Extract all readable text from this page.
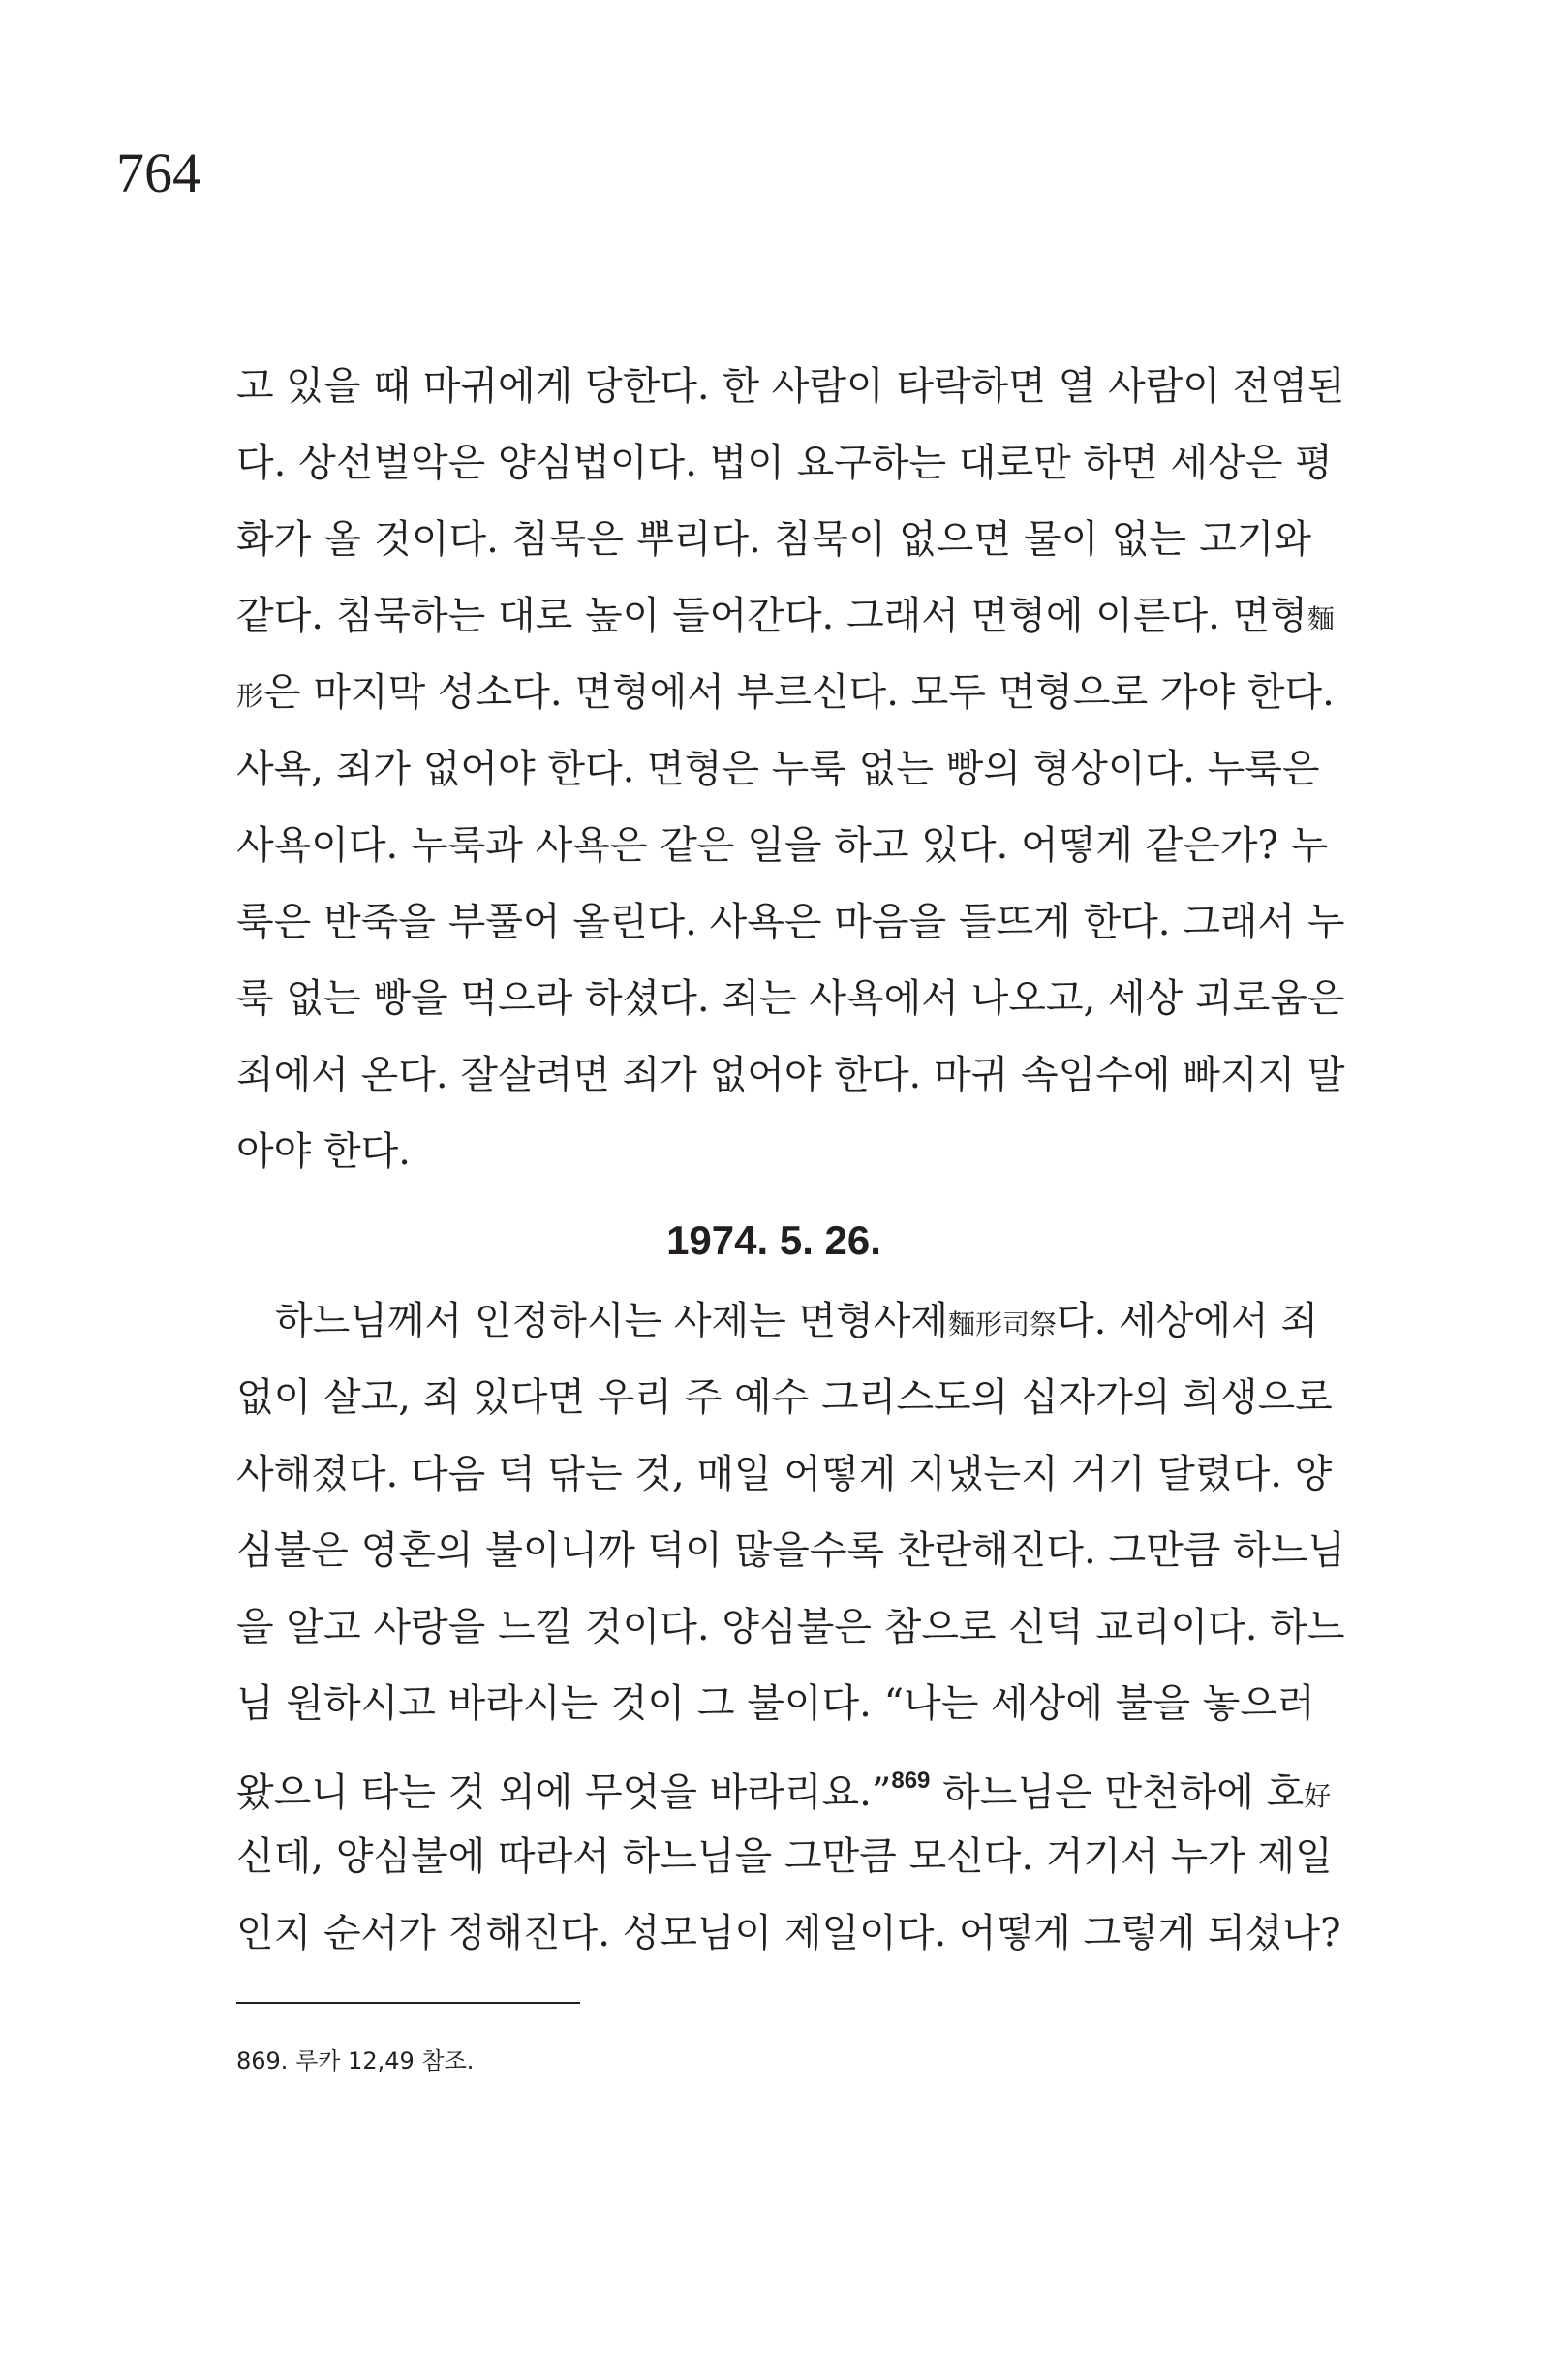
764
고 있을 때 마귀에게 당한다. 한 사람이 타락하면 열 사람이 전염된
다. 상선벌악은 양심법이다. 법이 요구하는 대로만 하면 세상은 평
화가 올 것이다. 침묵은 뿌리다. 침묵이 없으면 물이 없는 고기와
같다. 침묵하는 대로 높이 들어간다. 그래서 면형에 이른다. 면형麵
形은 마지막 성소다. 면형에서 부르신다. 모두 면형으로 가야 한다.
사욕, 죄가 없어야 한다. 면형은 누룩 없는 빵의 형상이다. 누룩은
사욕이다. 누룩과 사욕은 같은 일을 하고 있다. 어떻게 같은가? 누
룩은 반죽을 부풀어 올린다. 사욕은 마음을 들뜨게 한다. 그래서 누
룩 없는 빵을 먹으라 하셨다. 죄는 사욕에서 나오고, 세상 괴로움은
죄에서 온다. 잘살려면 죄가 없어야 한다. 마귀 속임수에 빠지지 말
아야 한다.
1974. 5. 26.
하느님께서 인정하시는 사제는 면형사제麵形司祭다. 세상에서 죄
없이 살고, 죄 있다면 우리 주 예수 그리스도의 십자가의 희생으로
사해졌다. 다음 덕 닦는 것, 매일 어떻게 지냈는지 거기 달렸다. 양
심불은 영혼의 불이니까 덕이 많을수록 찬란해진다. 그만큼 하느님
을 알고 사랑을 느낄 것이다. 양심불은 참으로 신덕 교리이다. 하느
님 원하시고 바라시는 것이 그 불이다. “나는 세상에 불을 놓으러
왔으니 타는 것 외에 무엇을 바라리요.”$^{869}$ 하느님은 만천하에 호好
신데, 양심불에 따라서 하느님을 그만큼 모신다. 거기서 누가 제일
인지 순서가 정해진다. 성모님이 제일이다. 어떻게 그렇게 되셨나?
869. 루카 12,49 참조.
